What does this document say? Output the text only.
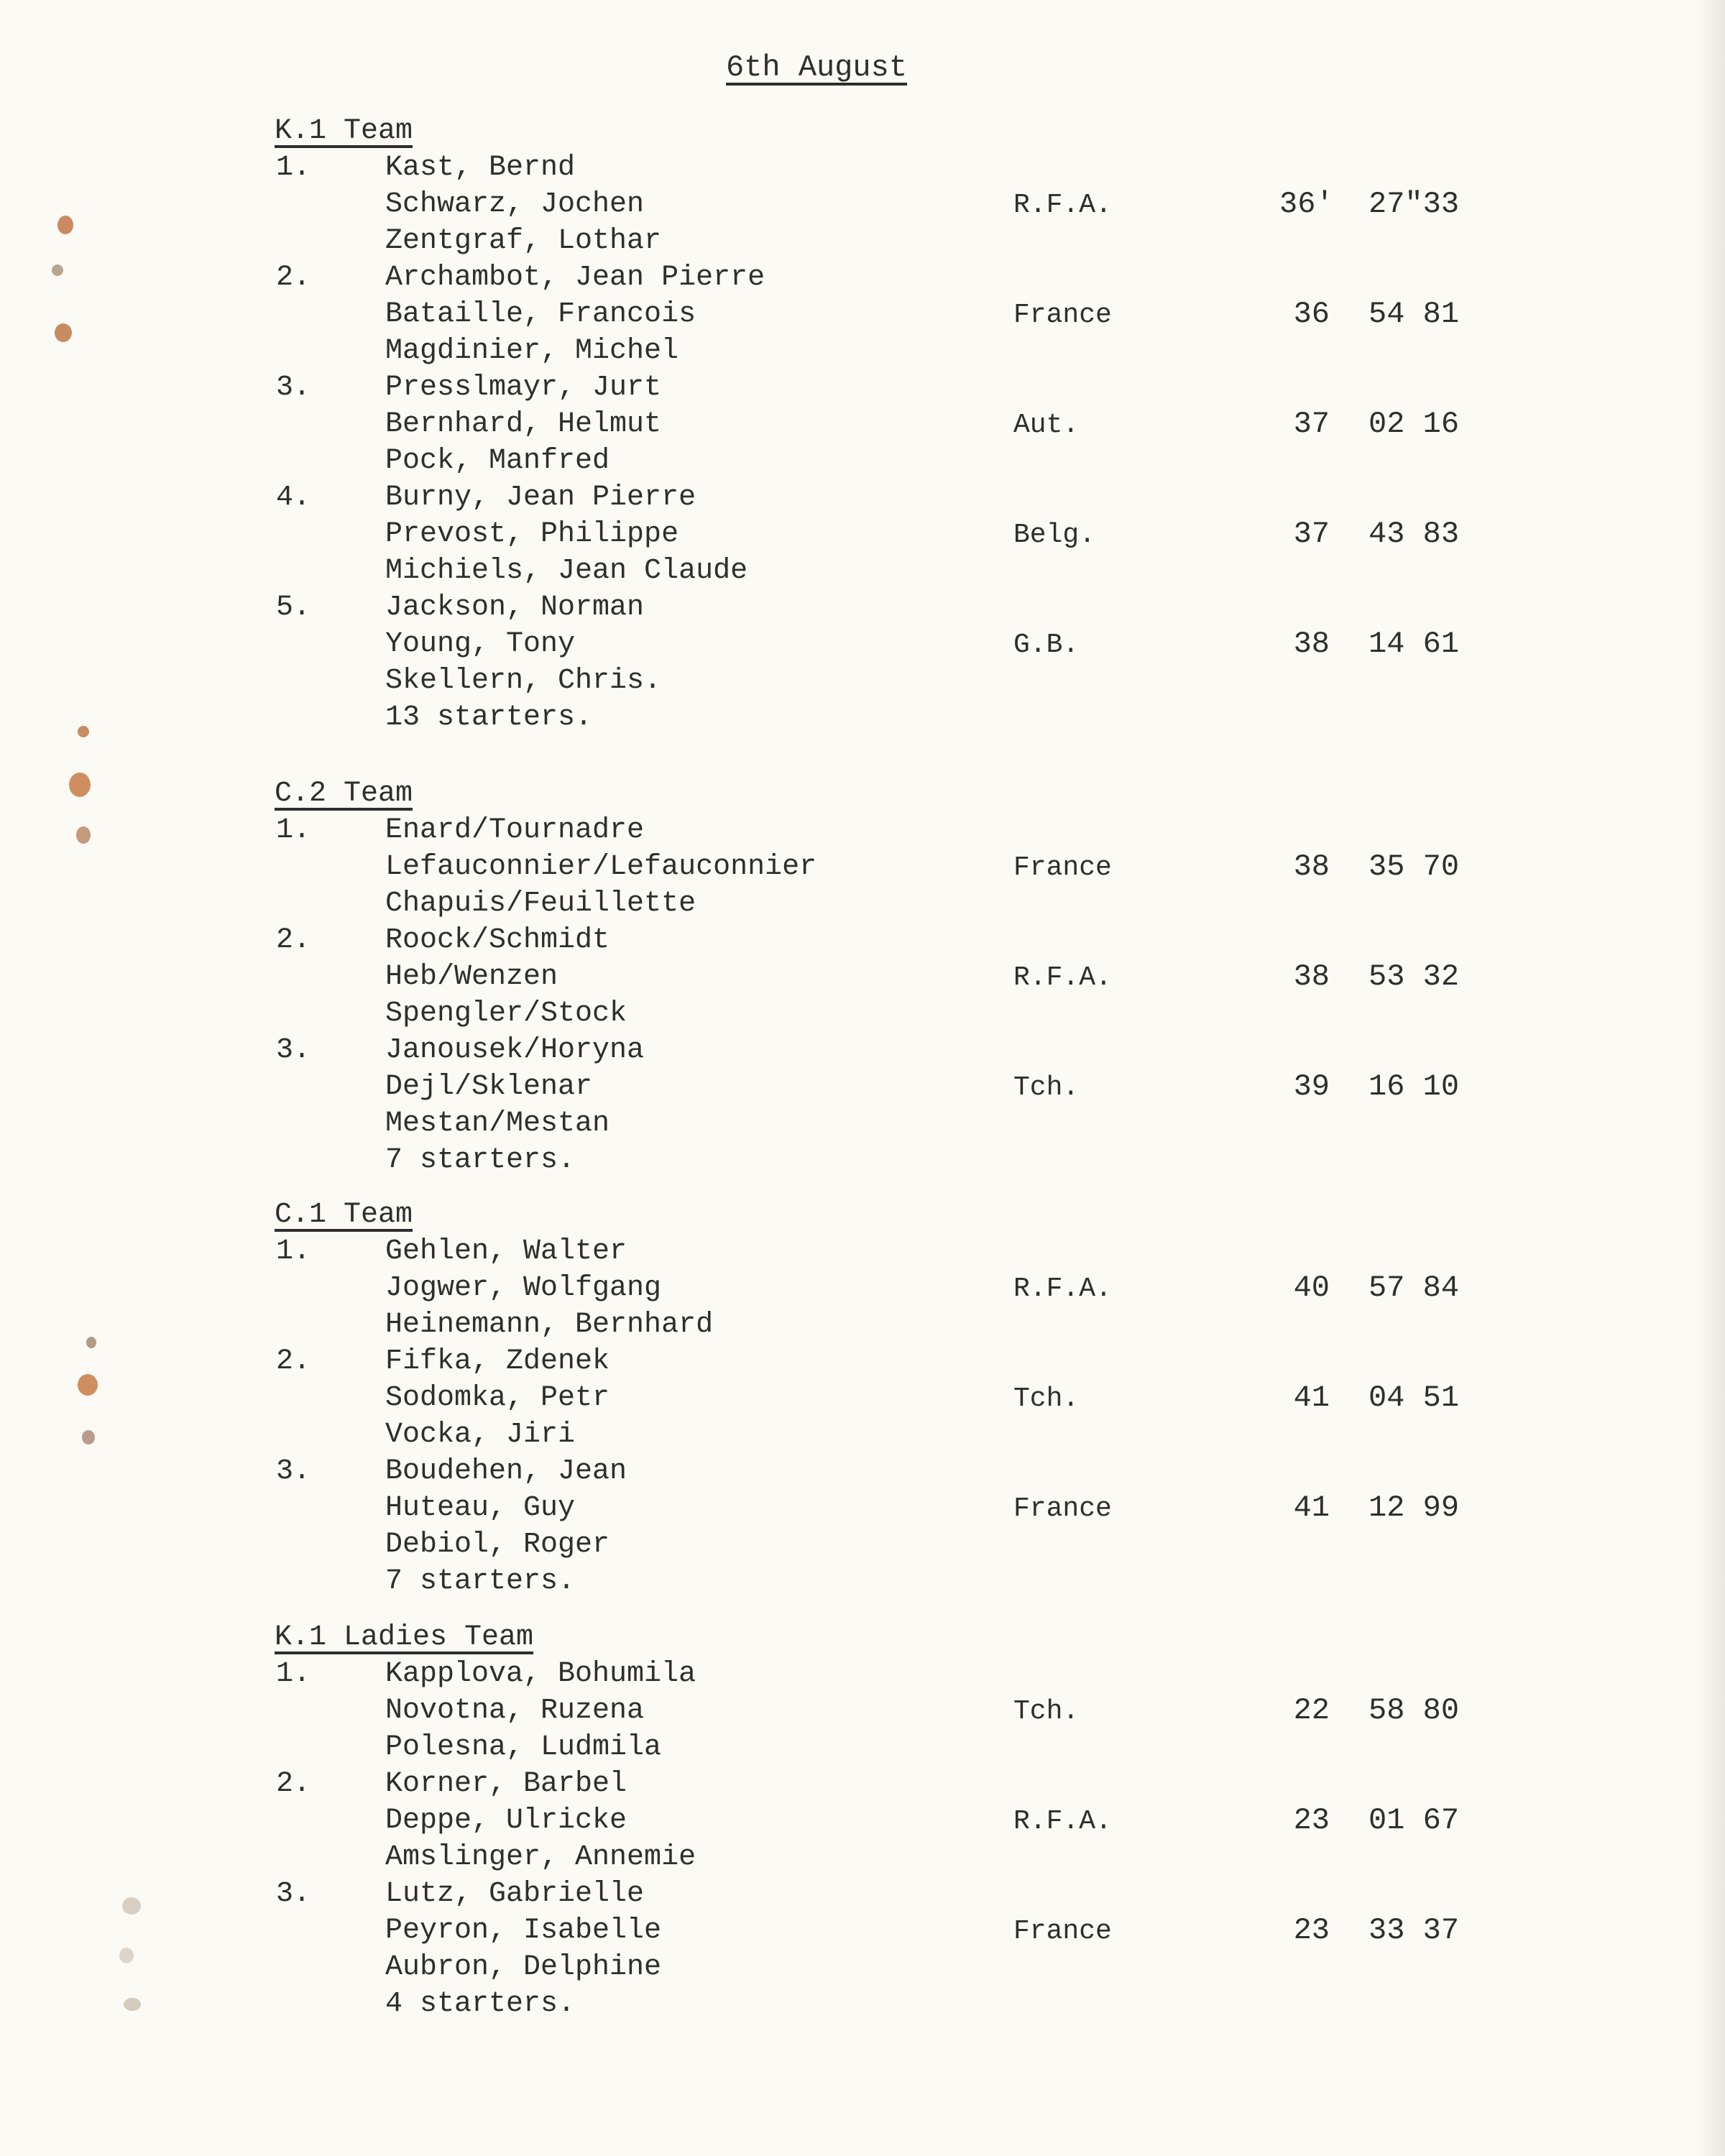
6th August
K.1 Team
1.	Kast, Bernd
Schwarz, Jochen
Zentgraf, Lothar
R.F.A.	36' 27"33
2.	Archambot, Jean Pierre
Bataille, Francois
Magdinier, Michel
France	36 54 81
3.	Presslmayr, Jurt
Bernhard, Helmut
Pock, Manfred
Aut.	37 02 16
4.	Burny, Jean Pierre
Prevost, Philippe
Michiels, Jean Claude
Belg.	37 43 83
5.	Jackson, Norman
Young, Tony
Skellern, Chris.
G.B.	38 14 61
13 starters.
C.2 Team
1.	Enard/Tournadre
Lefauconnier/Lefauconnier
Chapuis/Feuillette
France	38 35 70
2.	Roock/Schmidt
Heb/Wenzen
Spengler/Stock
R.F.A.	38 53 32
3.	Janousek/Horyna
Dejl/Sklenar
Mestan/Mestan
Tch.	39 16 10
7 starters.
C.1 Team
1.	Gehlen, Walter
Jogwer, Wolfgang
Heinemann, Bernhard
R.F.A.	40 57 84
2.	Fifka, Zdenek
Sodomka, Petr
Vocka, Jiri
Tch.	41 04 51
3.	Boudehen, Jean
Huteau, Guy
Debiol, Roger
France	41 12 99
7 starters.
K.1 Ladies Team
1.	Kapplova, Bohumila
Novotna, Ruzena
Polesna, Ludmila
Tch.	22 58 80
2.	Korner, Barbel
Deppe, Ulricke
Amslinger, Annemie
R.F.A.	23 01 67
3.	Lutz, Gabrielle
Peyron, Isabelle
Aubron, Delphine
France	23 33 37
4 starters.
